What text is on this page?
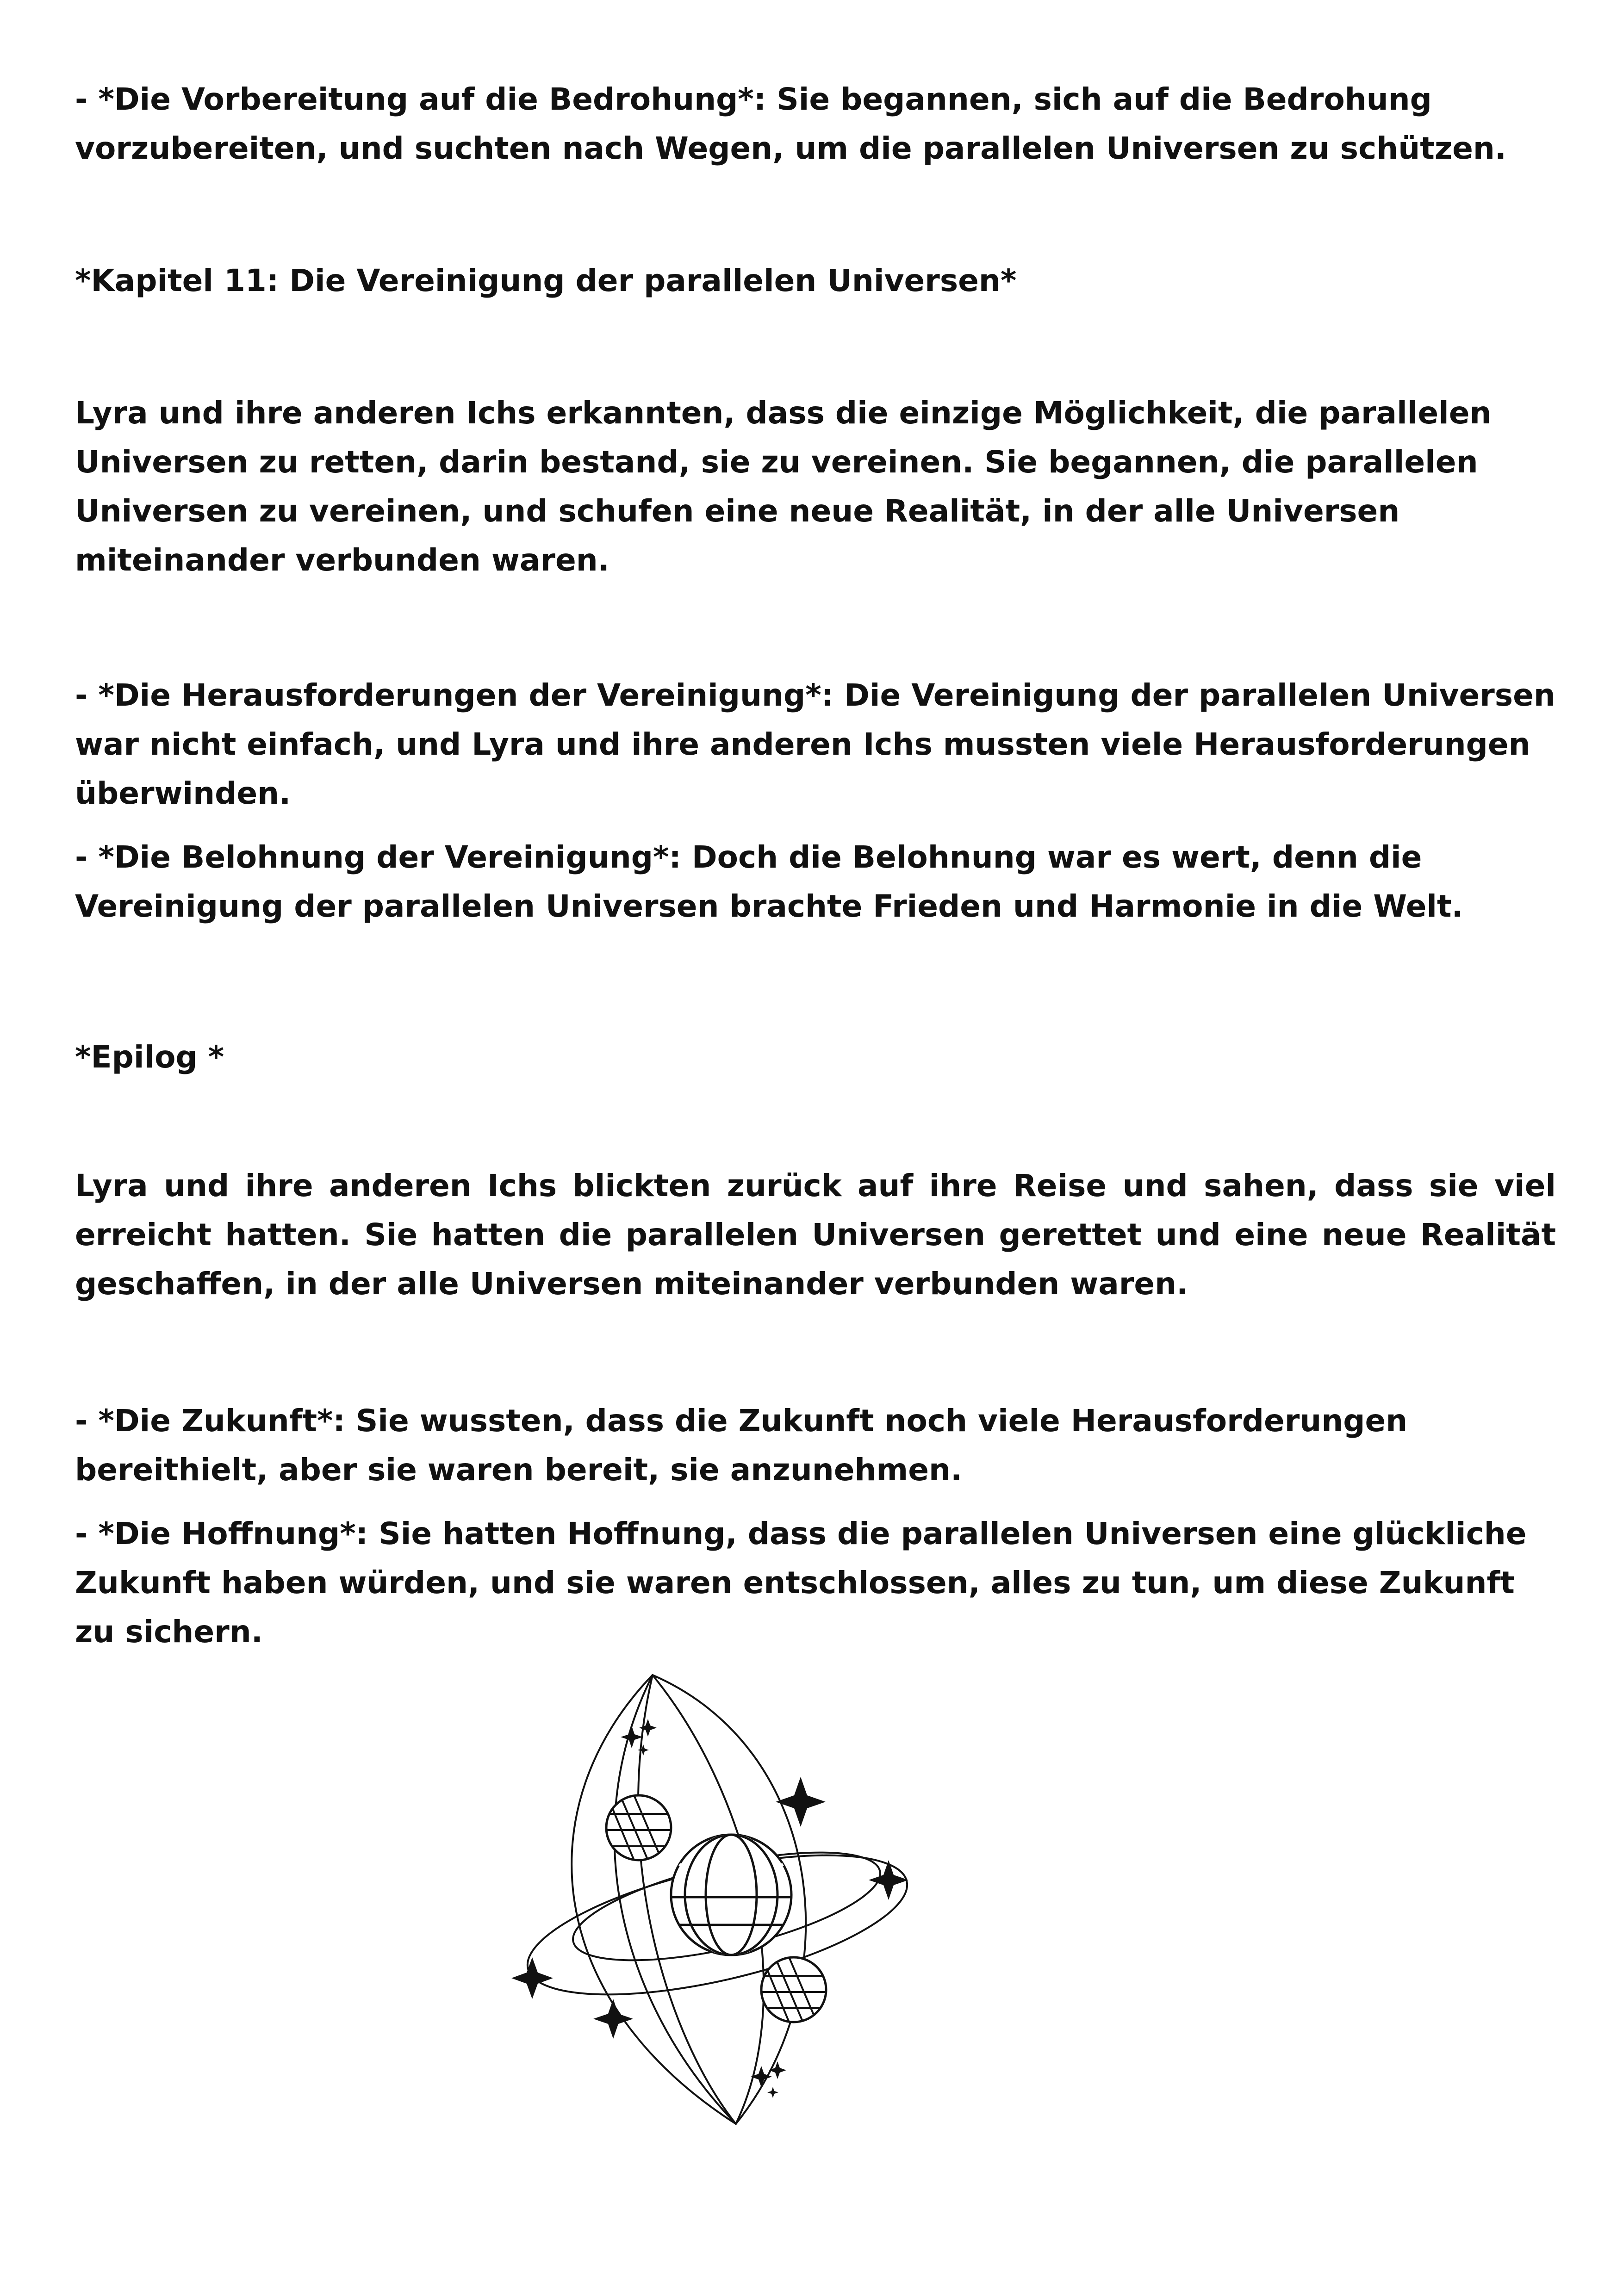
- *Die Vorbereitung auf die Bedrohung*: Sie begannen, sich auf die Bedrohung vorzubereiten, und suchten nach Wegen, um die parallelen Universen zu schützen.

*Kapitel 11: Die Vereinigung der parallelen Universen*

Lyra und ihre anderen Ichs erkannten, dass die einzige Möglichkeit, die parallelen Universen zu retten, darin bestand, sie zu vereinen. Sie begannen, die parallelen Universen zu vereinen, und schufen eine neue Realität, in der alle Universen miteinander verbunden waren.

- *Die Herausforderungen der Vereinigung*: Die Vereinigung der parallelen Universen war nicht einfach, und Lyra und ihre anderen Ichs mussten viele Herausforderungen überwinden.

- *Die Belohnung der Vereinigung*: Doch die Belohnung war es wert, denn die Vereinigung der parallelen Universen brachte Frieden und Harmonie in die Welt.

*Epilog *

Lyra und ihre anderen Ichs blickten zurück auf ihre Reise und sahen, dass sie viel erreicht hatten. Sie hatten die parallelen Universen gerettet und eine neue Realität geschaffen, in der alle Universen miteinander verbunden waren.

- *Die Zukunft*: Sie wussten, dass die Zukunft noch viele Herausforderungen bereithielt, aber sie waren bereit, sie anzunehmen.

- *Die Hoffnung*: Sie hatten Hoffnung, dass die parallelen Universen eine glückliche Zukunft haben würden, und sie waren entschlossen, alles zu tun, um diese Zukunft zu sichern.
